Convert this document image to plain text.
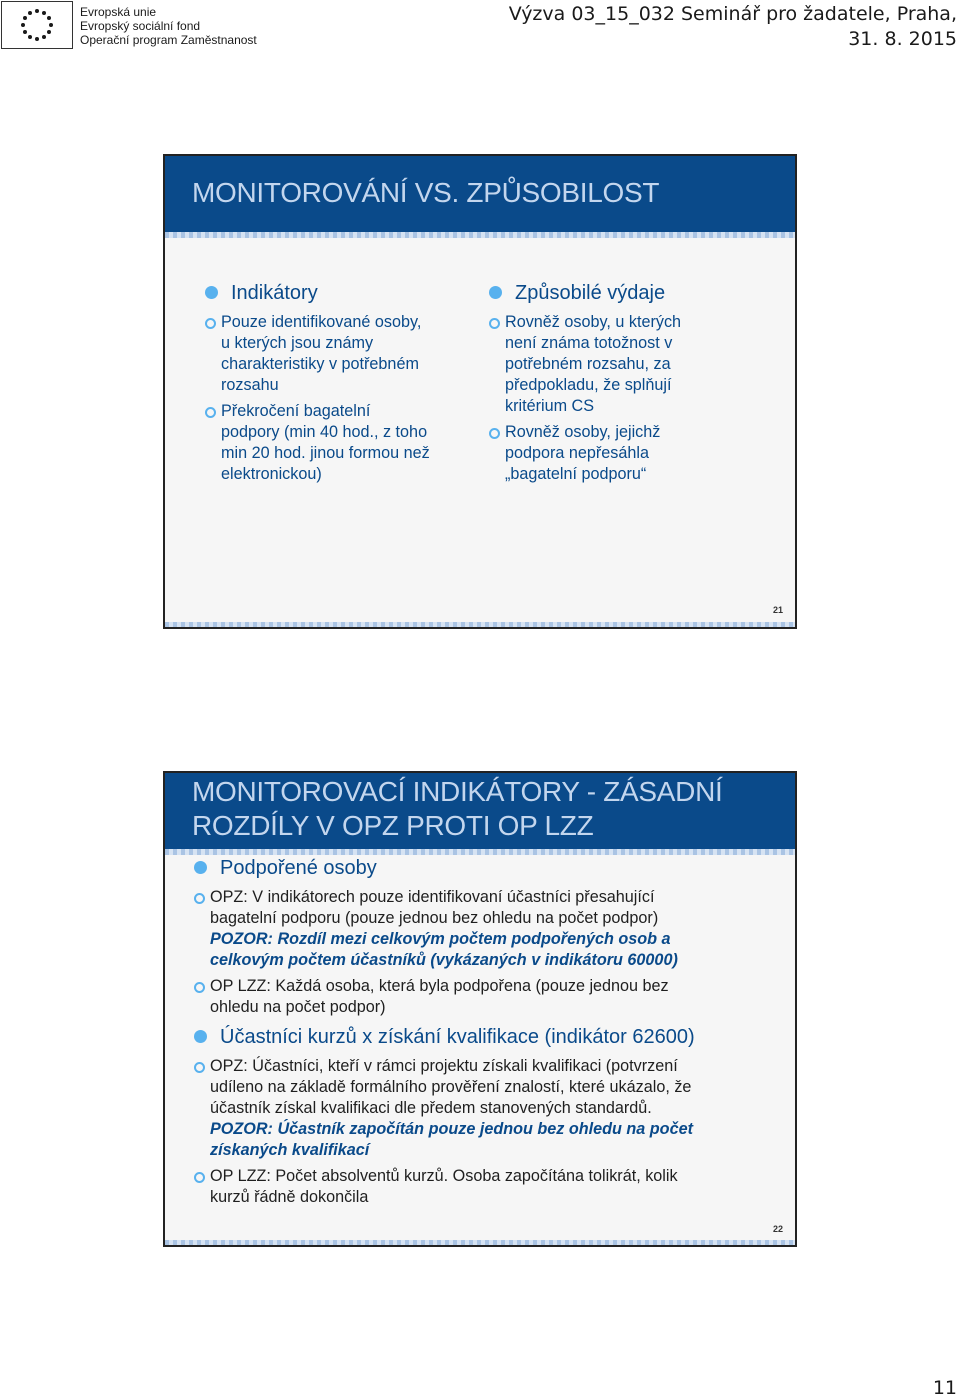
Evropská unie
Evropský sociální fond
Operační program Zaměstnanost
Výzva 03_15_032 Seminář pro žadatele, Praha,
31. 8. 2015
MONITOROVÁNÍ VS. ZPŮSOBILOST
Indikátory
Pouze identifikované osoby,
u kterých jsou známy
charakteristiky v potřebném
rozsahu
Překročení bagatelní
podpory (min 40 hod., z toho
min 20 hod. jinou formou než
elektronickou)
Způsobilé výdaje
Rovněž osoby, u kterých
není známa totožnost v
potřebném rozsahu, za
předpokladu, že splňují
kritérium CS
Rovněž osoby, jejichž
podpora nepřesáhla
„bagatelní podporu“
21
MONITOROVACÍ INDIKÁTORY - ZÁSADNÍ
ROZDÍLY V OPZ PROTI OP LZZ
Podpořené osoby
OPZ: V indikátorech pouze identifikovaní účastníci přesahující
bagatelní podporu (pouze jednou bez ohledu na počet podpor)
POZOR: Rozdíl mezi celkovým počtem podpořených osob a
celkovým počtem účastníků (vykázaných v indikátoru 60000)
OP LZZ: Každá osoba, která byla podpořena (pouze jednou bez
ohledu na počet podpor)
Účastníci kurzů x získání kvalifikace (indikátor 62600)
OPZ: Účastníci, kteří v rámci projektu získali kvalifikaci (potvrzení
udíleno na základě formálního prověření znalostí, které ukázalo, že
účastník získal kvalifikaci dle předem stanovených standardů.
POZOR: Účastník započítán pouze jednou bez ohledu na počet
získaných kvalifikací
OP LZZ: Počet absolventů kurzů. Osoba započítána tolikrát, kolik
kurzů řádně dokončila
22
11
